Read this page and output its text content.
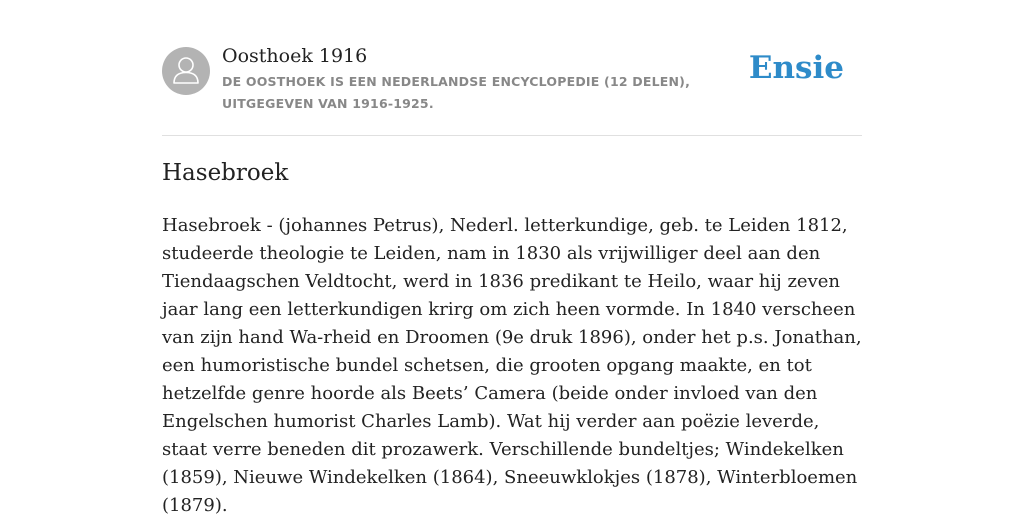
Oosthoek 1916
DE OOSTHOEK IS EEN NEDERLANDSE ENCYCLOPEDIE (12 DELEN), UITGEGEVEN VAN 1916-1925.
Ensie
Hasebroek

Hasebroek - (johannes Petrus), Nederl. letterkundige, geb. te Leiden 1812, studeerde theologie te Leiden, nam in 1830 als vrijwilliger deel aan den Tiendaagschen Veldtocht, werd in 1836 predikant te Heilo, waar hij zeven jaar lang een letterkundigen krirg om zich heen vormde. In 1840 verscheen van zijn hand Wa-rheid en Droomen (9e druk 1896), onder het p.s. Jonathan, een humoristische bundel schetsen, die grooten opgang maakte, en tot hetzelfde genre hoorde als Beets’ Camera (beide onder invloed van den Engelschen humorist Charles Lamb). Wat hij verder aan poëzie leverde, staat verre beneden dit prozawerk. Verschillende bundeltjes; Windekelken (1859), Nieuwe Windekelken (1864), Sneeuwklokjes (1878), Winterbloemen (1879).
